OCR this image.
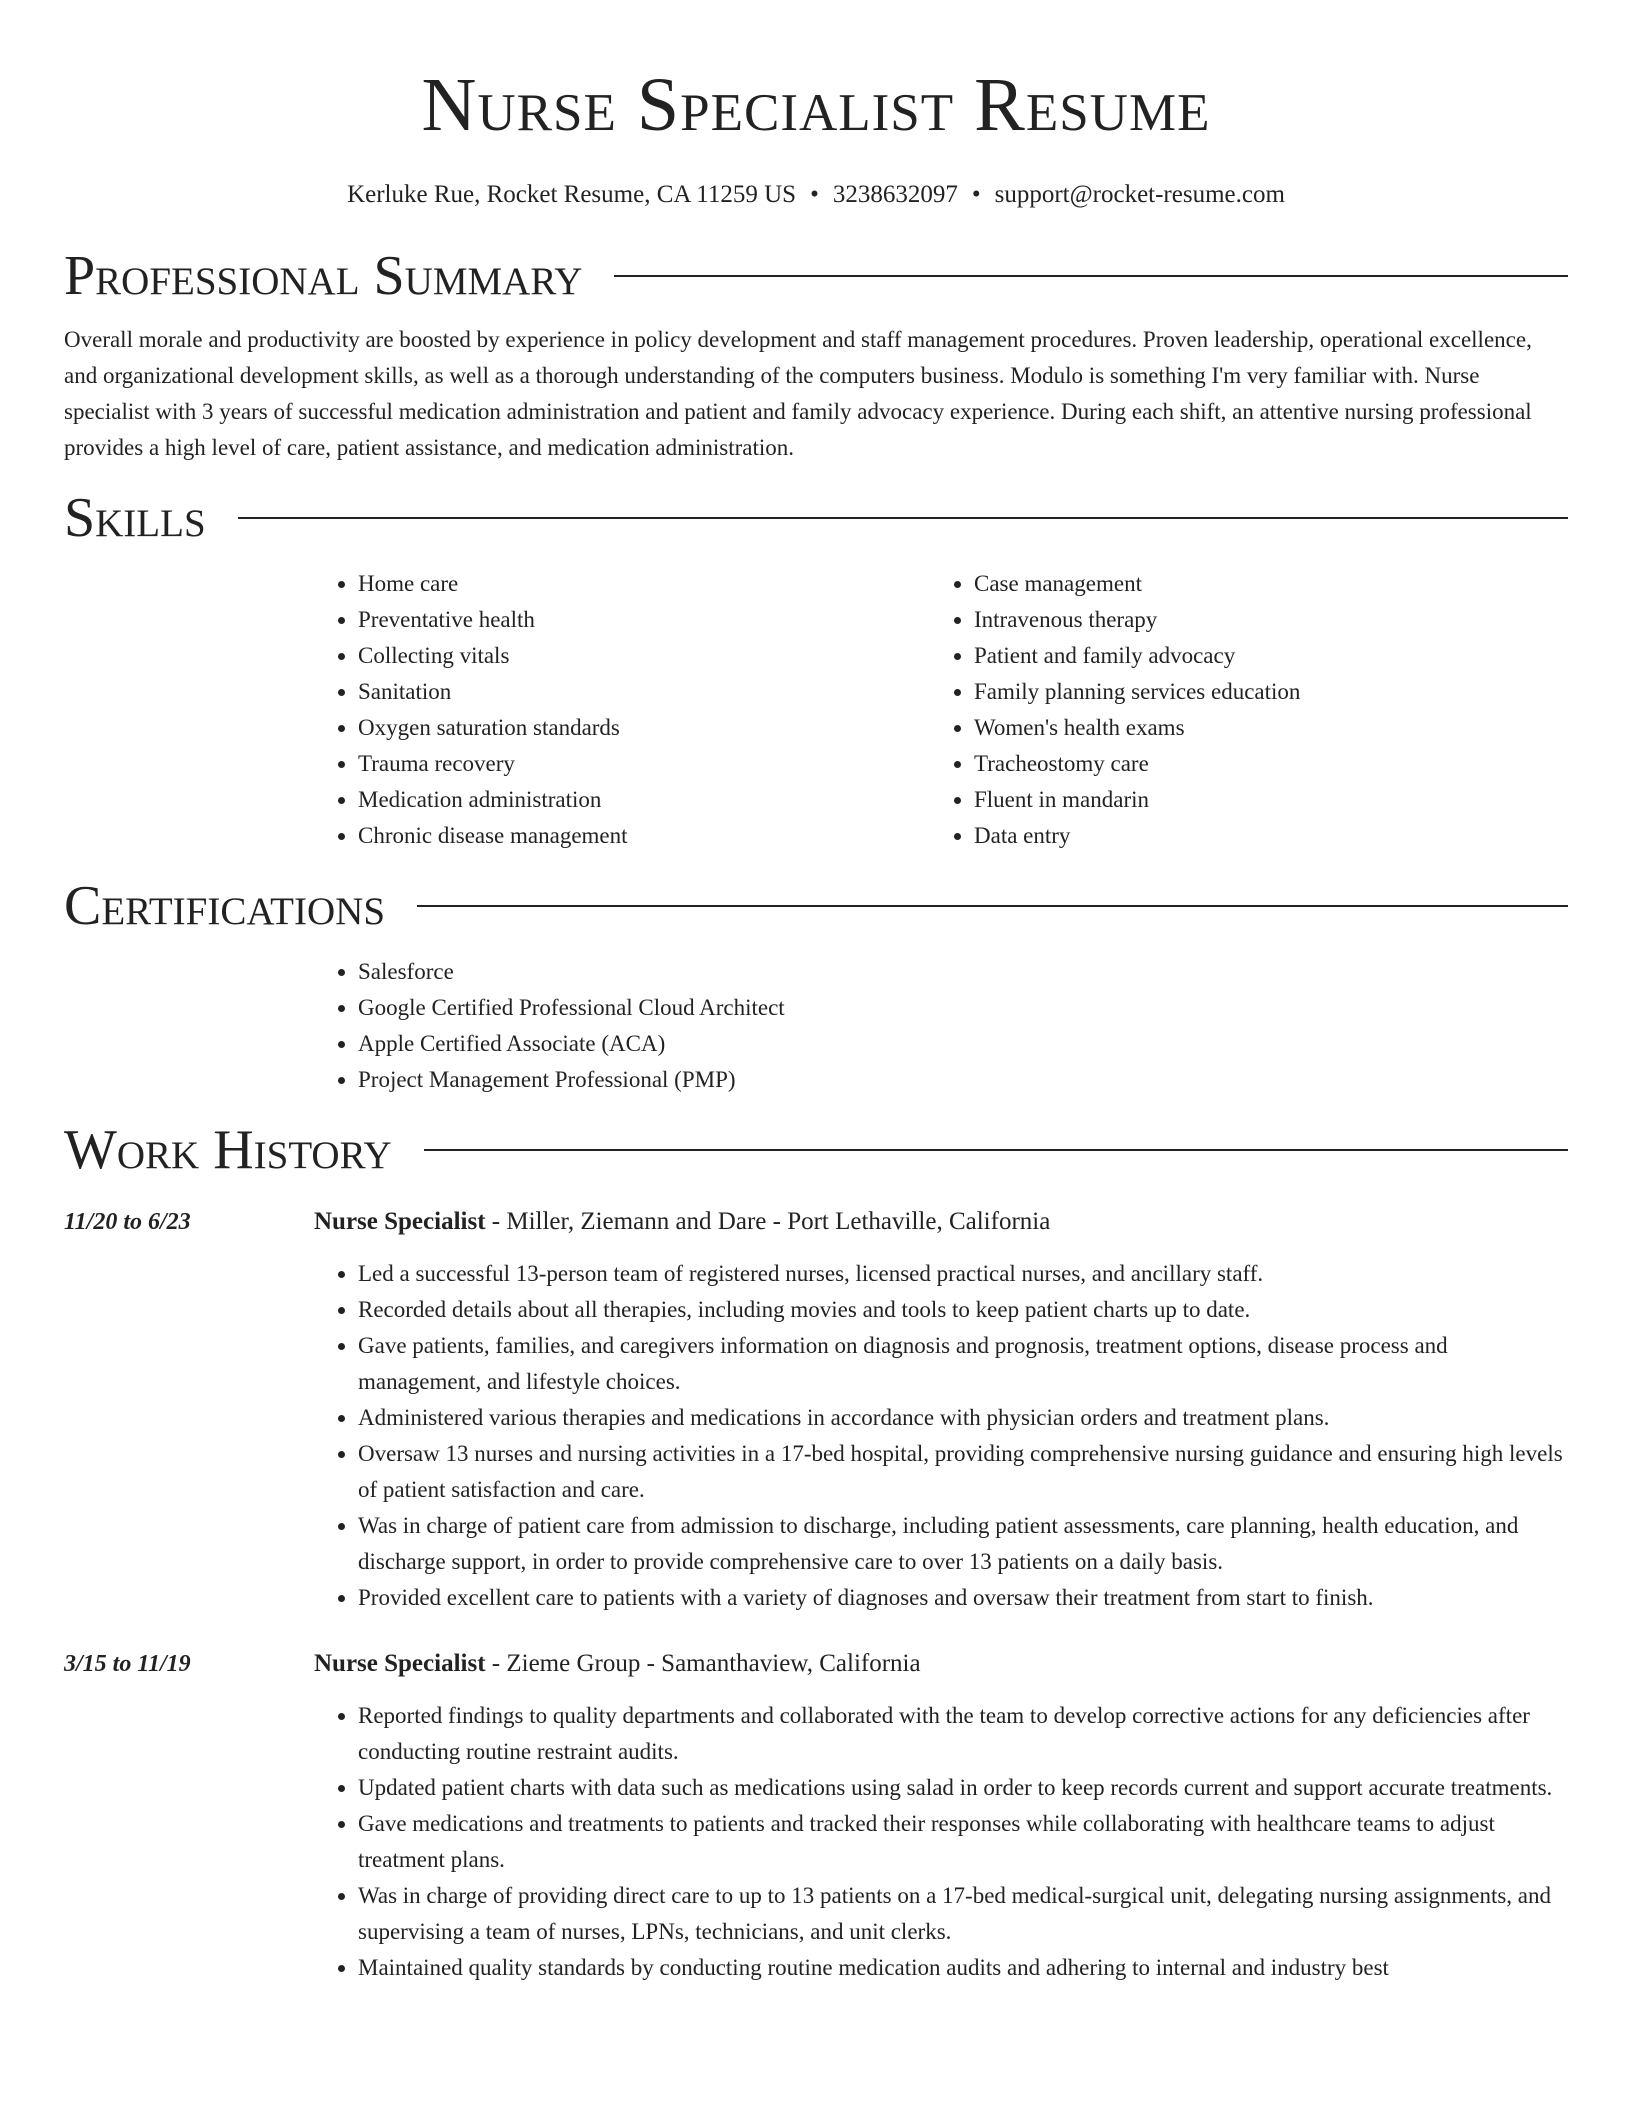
Nurse Specialist Resume
Kerluke Rue, Rocket Resume, CA 11259 US • 3238632097 • support@rocket-resume.com
Professional Summary

Overall morale and productivity are boosted by experience in policy development and staff management procedures. Proven leadership, operational excellence, and organizational development skills, as well as a thorough understanding of the computers business. Modulo is something I'm very familiar with. Nurse specialist with 3 years of successful medication administration and patient and family advocacy experience. During each shift, an attentive nursing professional provides a high level of care, patient assistance, and medication administration.

Skills
• Home care
• Preventative health
• Collecting vitals
• Sanitation
• Oxygen saturation standards
• Trauma recovery
• Medication administration
• Chronic disease management
• Case management
• Intravenous therapy
• Patient and family advocacy
• Family planning services education
• Women's health exams
• Tracheostomy care
• Fluent in mandarin
• Data entry
Certifications
• Salesforce
• Google Certified Professional Cloud Architect
• Apple Certified Associate (ACA)
• Project Management Professional (PMP)
Work History
11/20 to 6/23	Nurse Specialist - Miller, Ziemann and Dare - Port Lethaville, California
• Led a successful 13-person team of registered nurses, licensed practical nurses, and ancillary staff.
• Recorded details about all therapies, including movies and tools to keep patient charts up to date.
• Gave patients, families, and caregivers information on diagnosis and prognosis, treatment options, disease process and management, and lifestyle choices.
• Administered various therapies and medications in accordance with physician orders and treatment plans.
• Oversaw 13 nurses and nursing activities in a 17-bed hospital, providing comprehensive nursing guidance and ensuring high levels of patient satisfaction and care.
• Was in charge of patient care from admission to discharge, including patient assessments, care planning, health education, and discharge support, in order to provide comprehensive care to over 13 patients on a daily basis.
• Provided excellent care to patients with a variety of diagnoses and oversaw their treatment from start to finish.
3/15 to 11/19	Nurse Specialist - Zieme Group - Samanthaview, California
• Reported findings to quality departments and collaborated with the team to develop corrective actions for any deficiencies after conducting routine restraint audits.
• Updated patient charts with data such as medications using salad in order to keep records current and support accurate treatments.
• Gave medications and treatments to patients and tracked their responses while collaborating with healthcare teams to adjust treatment plans.
• Was in charge of providing direct care to up to 13 patients on a 17-bed medical-surgical unit, delegating nursing assignments, and supervising a team of nurses, LPNs, technicians, and unit clerks.
• Maintained quality standards by conducting routine medication audits and adhering to internal and industry best
